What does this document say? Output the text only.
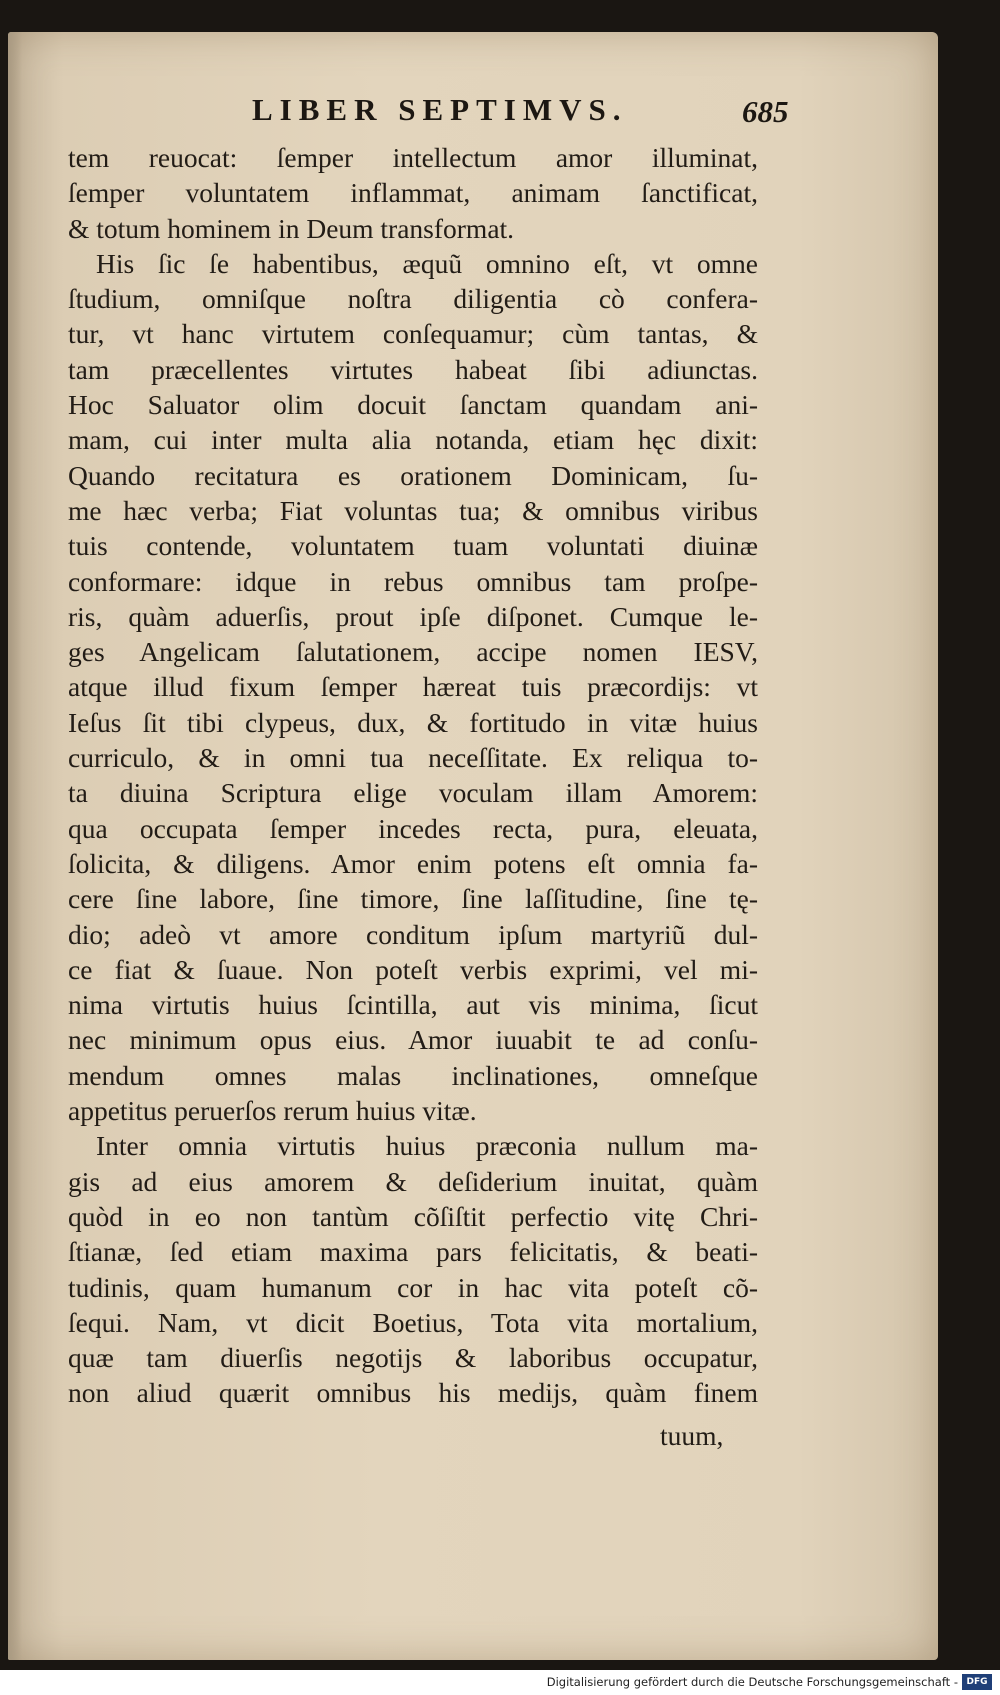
LIBER SEPTIMVS.	685
tem reuocat: ſemper intellectum amor illuminat,
ſemper voluntatem inflammat, animam ſanctificat,
& totum hominem in Deum transformat.
His ſic ſe habentibus, æquũ omnino eſt, vt omne
ſtudium, omniſque noſtra diligentia cò confera-
tur, vt hanc virtutem conſequamur; cùm tantas, &
tam præcellentes virtutes habeat ſibi adiunctas.
Hoc Saluator olim docuit ſanctam quandam ani-
mam, cui inter multa alia notanda, etiam hęc dixit:
Quando recitatura es orationem Dominicam, ſu-
me hæc verba; Fiat voluntas tua; & omnibus viribus
tuis contende, voluntatem tuam voluntati diuinæ
conformare: idque in rebus omnibus tam proſpe-
ris, quàm aduerſis, prout ipſe diſponet. Cumque le-
ges Angelicam ſalutationem, accipe nomen IESV,
atque illud fixum ſemper hæreat tuis præcordijs: vt
Ieſus ſit tibi clypeus, dux, & fortitudo in vitæ huius
curriculo, & in omni tua neceſſitate. Ex reliqua to-
ta diuina Scriptura elige voculam illam Amorem:
qua occupata ſemper incedes recta, pura, eleuata,
ſolicita, & diligens. Amor enim potens eſt omnia fa-
cere ſine labore, ſine timore, ſine laſſitudine, ſine tę-
dio; adeò vt amore conditum ipſum martyriũ dul-
ce fiat & ſuaue. Non poteſt verbis exprimi, vel mi-
nima virtutis huius ſcintilla, aut vis minima, ſicut
nec minimum opus eius. Amor iuuabit te ad conſu-
mendum omnes malas inclinationes, omneſque
appetitus peruerſos rerum huius vitæ.
Inter omnia virtutis huius præconia nullum ma-
gis ad eius amorem & deſiderium inuitat, quàm
quòd in eo non tantùm cõſiſtit perfectio vitę Chri-
ſtianæ, ſed etiam maxima pars felicitatis, & beati-
tudinis, quam humanum cor in hac vita poteſt cõ-
ſequi. Nam, vt dicit Boetius, Tota vita mortalium,
quæ tam diuerſis negotijs & laboribus occupatur,
non aliud quærit omnibus his medijs, quàm finem
tuum,
Digitalisierung gefördert durch die Deutsche Forschungsgemeinschaft - DFG
